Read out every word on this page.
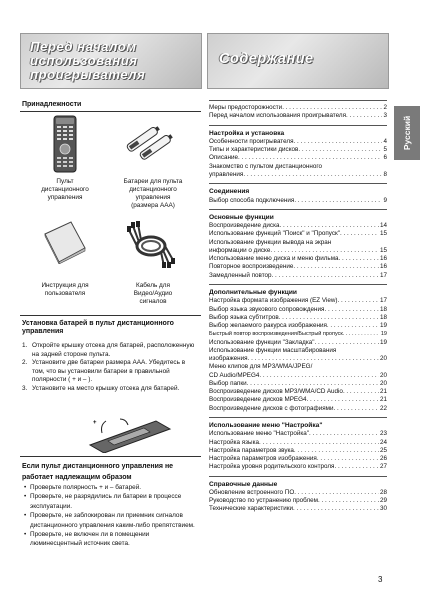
Перед началом
использования
проигрывателя
Содержание
Русский
Принадлежности
Пульт
дистанционного
управления
Батареи для пульта
дистанционного
управления
(размера AAA)
Инструкция для
пользователя
Кабель для
Видео/Аудио
сигналов
Установка батарей в пульт дистанционного управления
1. Откройте крышку отсека для батарей, расположенную на задней стороне пульта.
2. Установите две батареи размера AAA. Убедитесь в том, что вы установили батареи в правильной полярности ( + и – ).
3. Установите на место крышку отсека для батарей.
+
Если пульт дистанционного управления не работает надлежащим образом
• Проверьте полярность + и – батарей.
• Проверьте, не разрядились ли батареи в процессе эксплуатации.
• Проверьте, не заблокирован ли приемник сигналов дистанционного управления каким-либо препятствием.
• Проверьте, не включен ли в помещении люминесцентный источник света.
Меры предосторожности . . .	2
Перед началом использования проигрывателя . . .	3
Настройка и установка
Особенности проигрывателя . . .	4
Типы и характеристики дисков . . .	5
Описание . . .	6
Знакомство с пультом дистанционного
управления . . .	8
Соединения
Выбор способа подключения . . .	9
Основные функции
Воспроизведение диска . . .	14
Использование функций "Поиск" и "Пропуск" . . .	15
Использование функции вывода на экран
информации о диске . . .	15
Использование меню диска и меню фильма . . .	16
Повторное воспроизведение . . .	16
Замедленный повтор . . .	17
Дополнительные функции
Настройка формата изображения (EZ View) . . .	17
Выбор языка звукового сопровождения . . .	18
Выбор языка субтитров . . .	18
Выбор желаемого ракурса изображения . . .	19
Быстрый повтор воспроизведения/Быстрый пропуск . . .	19
Использование функции "Закладка" . . .	19
Использование функции масштабирования
изображения . . .	20
Меню клипов для MP3/WMA/JPEG/
CD Audio/MPEG4 . . .	20
Выбор папки . . .	20
Воспроизведение дисков MP3/WMA/CD Audio . . .	21
Воспроизведение дисков MPEG4 . . .	21
Воспроизведение дисков с фотографиями . . .	22
Использование меню "Настройка"
Использование меню "Настройка" . . .	23
Настройка языка . . .	24
Настройка параметров звука . . .	25
Настройка параметров изображения . . .	26
Настройка уровня родительского контроля . . .	27
Справочные данные
Обновление встроенного ПО . . .	28
Руководство по устранению проблем . . .	29
Технические характеристики . . .	30
3
